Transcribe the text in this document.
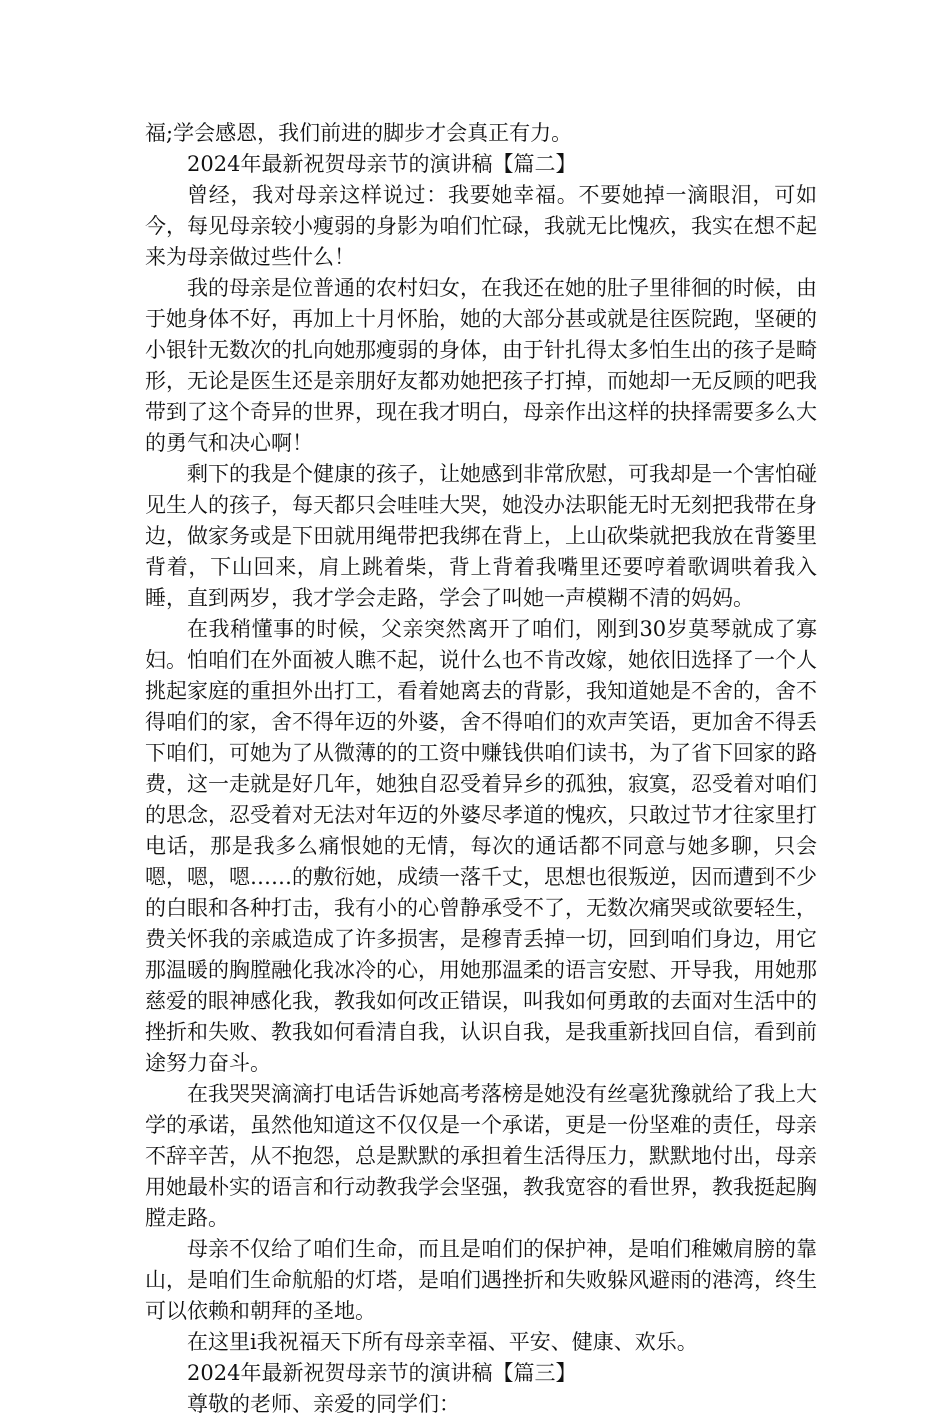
福;学会感恩，我们前进的脚步才会真正有力。

2024年最新祝贺母亲节的演讲稿【篇二】

曾经，我对母亲这样说过：我要她幸福。不要她掉一滴眼泪，可如今，每见母亲较小瘦弱的身影为咱们忙碌，我就无比愧疚，我实在想不起来为母亲做过些什么！

我的母亲是位普通的农村妇女，在我还在她的肚子里徘徊的时候，由于她身体不好，再加上十月怀胎，她的大部分甚或就是往医院跑，坚硬的小银针无数次的扎向她那瘦弱的身体，由于针扎得太多怕生出的孩子是畸形，无论是医生还是亲朋好友都劝她把孩子打掉，而她却一无反顾的吧我带到了这个奇异的世界，现在我才明白，母亲作出这样的抉择需要多么大的勇气和决心啊！

剩下的我是个健康的孩子，让她感到非常欣慰，可我却是一个害怕碰见生人的孩子，每天都只会哇哇大哭，她没办法职能无时无刻把我带在身边，做家务或是下田就用绳带把我绑在背上，上山砍柴就把我放在背篓里背着，下山回来，肩上跳着柴，背上背着我嘴里还要哼着歌调哄着我入睡，直到两岁，我才学会走路，学会了叫她一声模糊不清的妈妈。

在我稍懂事的时候，父亲突然离开了咱们，刚到30岁莫琴就成了寡妇。怕咱们在外面被人瞧不起，说什么也不肯改嫁，她依旧选择了一个人挑起家庭的重担外出打工，看着她离去的背影，我知道她是不舍的，舍不得咱们的家，舍不得年迈的外婆，舍不得咱们的欢声笑语，更加舍不得丢下咱们，可她为了从微薄的的工资中赚钱供咱们读书，为了省下回家的路费，这一走就是好几年，她独自忍受着异乡的孤独，寂寞，忍受着对咱们的思念，忍受着对无法对年迈的外婆尽孝道的愧疚，只敢过节才往家里打电话，那是我多么痛恨她的无情，每次的通话都不同意与她多聊，只会嗯，嗯，嗯……的敷衍她，成绩一落千丈，思想也很叛逆，因而遭到不少的白眼和各种打击，我有小的心曾静承受不了，无数次痛哭或欲要轻生，费关怀我的亲戚造成了许多损害，是穆青丢掉一切，回到咱们身边，用它那温暖的胸膛融化我冰冷的心，用她那温柔的语言安慰、开导我，用她那慈爱的眼神感化我，教我如何改正错误，叫我如何勇敢的去面对生活中的挫折和失败、教我如何看清自我，认识自我，是我重新找回自信，看到前途努力奋斗。

在我哭哭滴滴打电话告诉她高考落榜是她没有丝毫犹豫就给了我上大学的承诺，虽然他知道这不仅仅是一个承诺，更是一份坚难的责任，母亲不辞辛苦，从不抱怨，总是默默的承担着生活得压力，默默地付出，母亲用她最朴实的语言和行动教我学会坚强，教我宽容的看世界，教我挺起胸膛走路。

母亲不仅给了咱们生命，而且是咱们的保护神，是咱们稚嫩肩膀的靠山，是咱们生命航船的灯塔，是咱们遇挫折和失败躲风避雨的港湾，终生可以依赖和朝拜的圣地。

在这里i我祝福天下所有母亲幸福、平安、健康、欢乐。

2024年最新祝贺母亲节的演讲稿【篇三】

尊敬的老师、亲爱的同学们：
